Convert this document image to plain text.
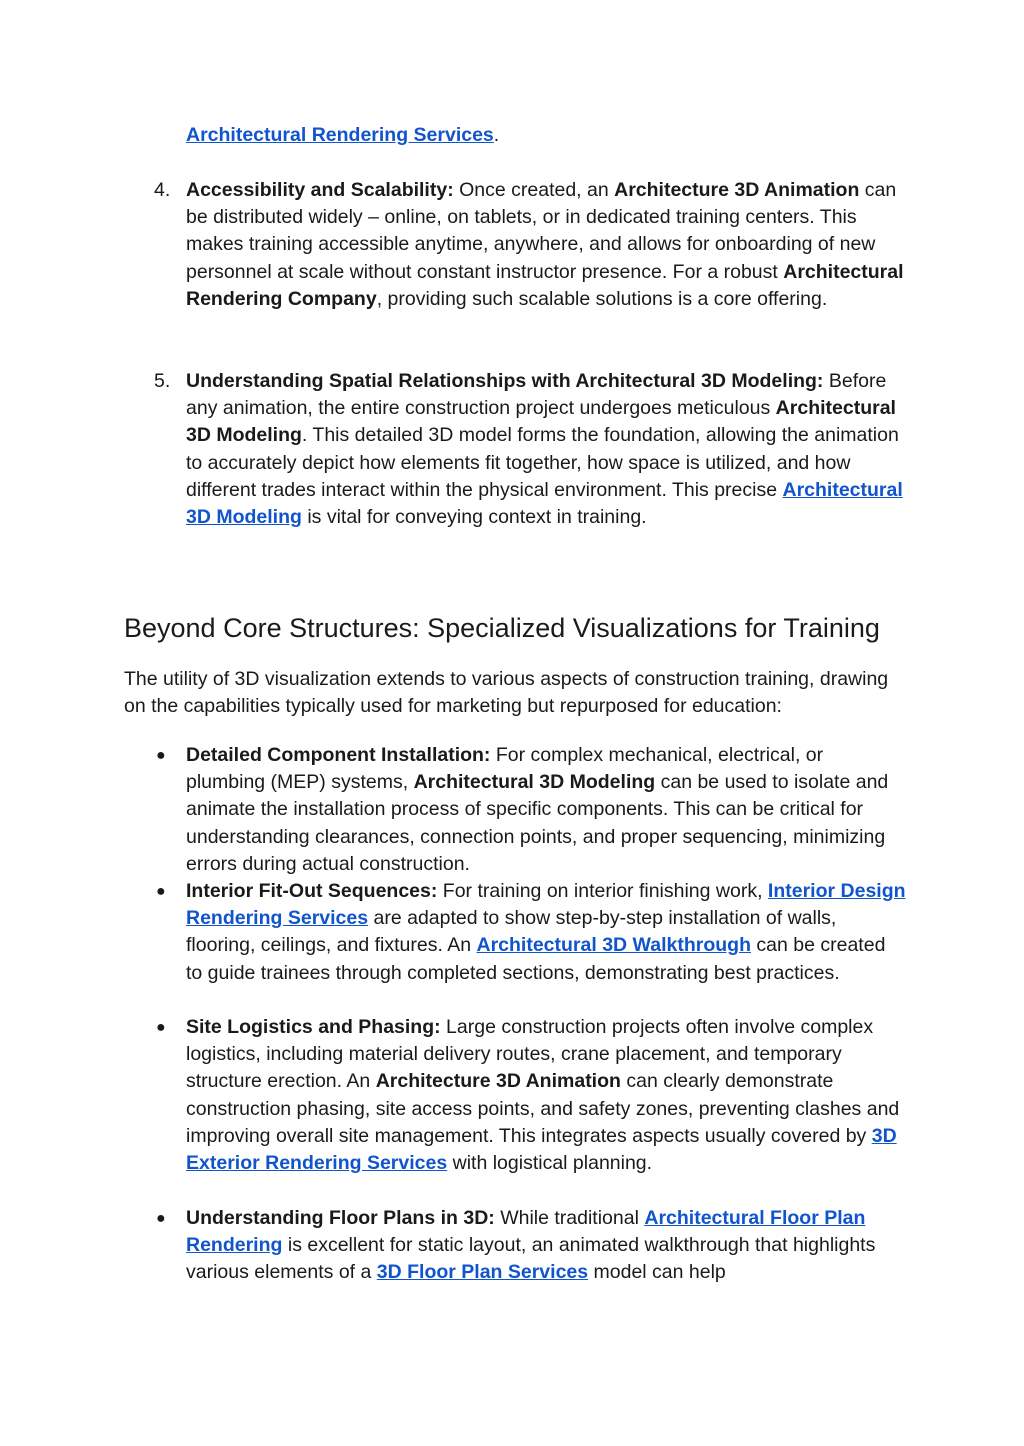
Architectural Rendering Services.

4. Accessibility and Scalability: Once created, an Architecture 3D Animation can be distributed widely – online, on tablets, or in dedicated training centers. This makes training accessible anytime, anywhere, and allows for onboarding of new personnel at scale without constant instructor presence. For a robust Architectural Rendering Company, providing such scalable solutions is a core offering.

5. Understanding Spatial Relationships with Architectural 3D Modeling: Before any animation, the entire construction project undergoes meticulous Architectural 3D Modeling. This detailed 3D model forms the foundation, allowing the animation to accurately depict how elements fit together, how space is utilized, and how different trades interact within the physical environment. This precise Architectural 3D Modeling is vital for conveying context in training.

Beyond Core Structures: Specialized Visualizations for Training

The utility of 3D visualization extends to various aspects of construction training, drawing on the capabilities typically used for marketing but repurposed for education:

● Detailed Component Installation: For complex mechanical, electrical, or plumbing (MEP) systems, Architectural 3D Modeling can be used to isolate and animate the installation process of specific components. This can be critical for understanding clearances, connection points, and proper sequencing, minimizing errors during actual construction.

● Interior Fit-Out Sequences: For training on interior finishing work, Interior Design Rendering Services are adapted to show step-by-step installation of walls, flooring, ceilings, and fixtures. An Architectural 3D Walkthrough can be created to guide trainees through completed sections, demonstrating best practices.

● Site Logistics and Phasing: Large construction projects often involve complex logistics, including material delivery routes, crane placement, and temporary structure erection. An Architecture 3D Animation can clearly demonstrate construction phasing, site access points, and safety zones, preventing clashes and improving overall site management. This integrates aspects usually covered by 3D Exterior Rendering Services with logistical planning.

● Understanding Floor Plans in 3D: While traditional Architectural Floor Plan Rendering is excellent for static layout, an animated walkthrough that highlights various elements of a 3D Floor Plan Services model can help
